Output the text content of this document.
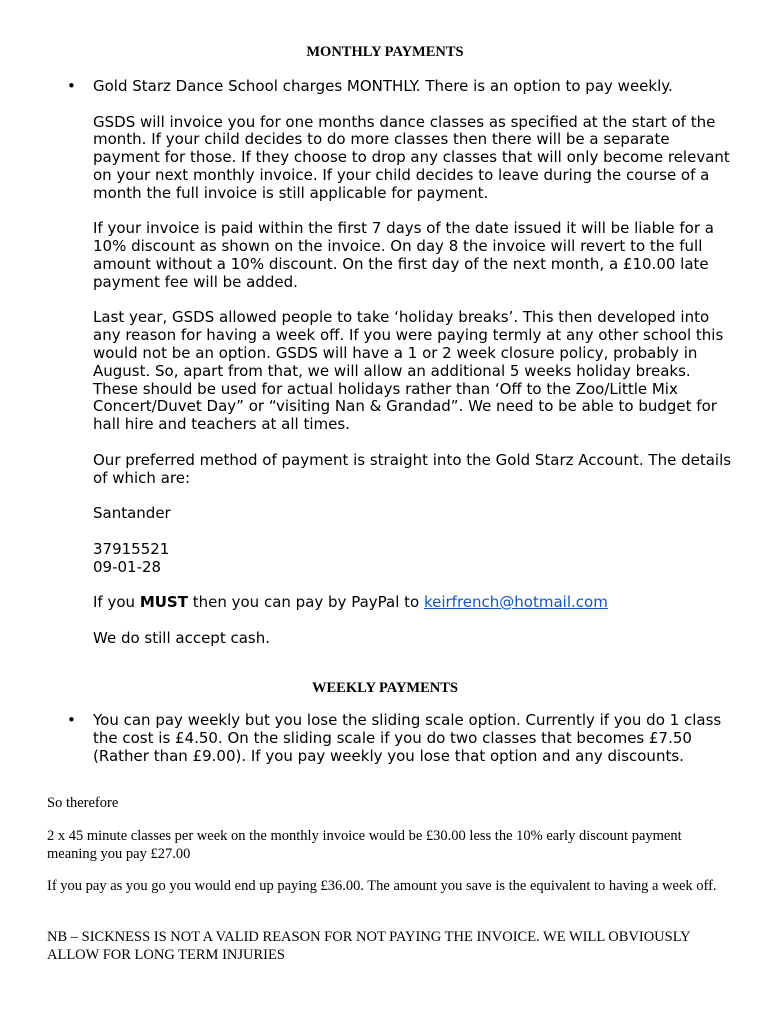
MONTHLY PAYMENTS
• Gold Starz Dance School charges MONTHLY. There is an option to pay weekly.

GSDS will invoice you for one months dance classes as specified at the start of the month. If your child decides to do more classes then there will be a separate payment for those. If they choose to drop any classes that will only become relevant on your next monthly invoice. If your child decides to leave during the course of a month the full invoice is still applicable for payment.

If your invoice is paid within the first 7 days of the date issued it will be liable for a 10% discount as shown on the invoice. On day 8 the invoice will revert to the full amount without a 10% discount. On the first day of the next month, a £10.00 late payment fee will be added.

Last year, GSDS allowed people to take ‘holiday breaks’. This then developed into any reason for having a week off. If you were paying termly at any other school this would not be an option. GSDS will have a 1 or 2 week closure policy, probably in August. So, apart from that, we will allow an additional 5 weeks holiday breaks. These should be used for actual holidays rather than ‘Off to the Zoo/Little Mix Concert/Duvet Day” or “visiting Nan & Grandad”. We need to be able to budget for hall hire and teachers at all times.

Our preferred method of payment is straight into the Gold Starz Account. The details of which are:

Santander

37915521

09-01-28

If you MUST then you can pay by PayPal to keirfrench@hotmail.com

We do still accept cash.

WEEKLY PAYMENTS
• You can pay weekly but you lose the sliding scale option. Currently if you do 1 class the cost is £4.50. On the sliding scale if you do two classes that becomes £7.50 (Rather than £9.00). If you pay weekly you lose that option and any discounts.

So therefore

2 x 45 minute classes per week on the monthly invoice would be £30.00 less the 10% early discount payment meaning you pay £27.00

If you pay as you go you would end up paying £36.00. The amount you save is the equivalent to having a week off.

NB – SICKNESS IS NOT A VALID REASON FOR NOT PAYING THE INVOICE. WE WILL OBVIOUSLY ALLOW FOR LONG TERM INJURIES
